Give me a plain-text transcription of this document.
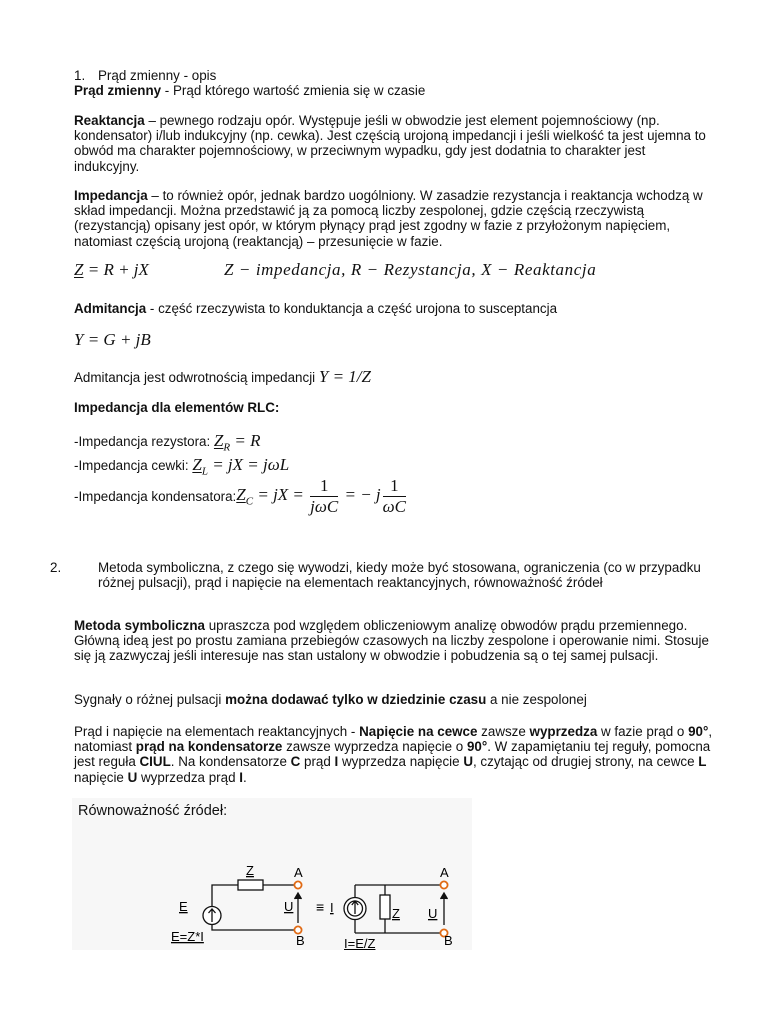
1. Prąd zmienny - opis

Prąd zmienny - Prąd którego wartość zmienia się w czasie

Reaktancja – pewnego rodzaju opór. Występuje jeśli w obwodzie jest element pojemnościowy (np. kondensator) i/lub indukcyjny (np. cewka). Jest częścią urojoną impedancji i jeśli wielkość ta jest ujemna to obwód ma charakter pojemnościowy, w przeciwnym wypadku, gdy jest dodatnia to charakter jest indukcyjny.

Impedancja – to również opór, jednak bardzo uogólniony. W zasadzie rezystancja i reaktancja wchodzą w skład impedancji. Można przedstawić ją za pomocą liczby zespolonej, gdzie częścią rzeczywistą (rezystancją) opisany jest opór, w którym płynący prąd jest zgodny w fazie z przyłożonym napięciem, natomiast częścią urojoną (reaktancją) – przesunięcie w fazie.

Z = R + jX	Z − impedancja, R − Rezystancja, X − Reaktancja

Admitancja - część rzeczywista to konduktancja a część urojona to susceptancja

Y = G + jB

Admitancja jest odwrotnością impedancji Y = 1/Z

Impedancja dla elementów RLC:

-Impedancja rezystora: $Z_R = R$

-Impedancja cewki: $Z_L$ = jX = jωL

-Impedancja $kondensatora:Z_C$ = jX = $\frac{1}{\text{jωC}}$ = − j $\frac{1}{\omega C}$

2.	Metoda symboliczna, z czego się wywodzi, kiedy może być stosowana, ograniczenia (co w przypadku różnej pulsacji), prąd i napięcie na elementach reaktancyjnych, równoważność źródeł

Metoda symboliczna upraszcza pod względem obliczeniowym analizę obwodów prądu przemiennego. Główną ideą jest po prostu zamiana przebiegów czasowych na liczby zespolone i operowanie nimi. Stosuje się ją zazwyczaj jeśli interesuje nas stan ustalony w obwodzie i pobudzenia są o tej samej pulsacji.

Sygnały o różnej pulsacji można dodawać tylko w dziedzinie czasu a nie zespolonej

Prąd i napięcie na elementach reaktancyjnych - Napięcie na cewce zawsze wyprzedza w fazie prąd o 90°, natomiast prąd na kondensatorze zawsze wyprzedza napięcie o 90°. W zapamiętaniu tej reguły, pomocna jest reguła CIUL. Na kondensatorze C prąd I wyprzedza napięcie U, czytając od drugiej strony, na cewce L napięcie U wyprzedza prąd I.

Równoważność źródeł:
Z
E
A
B
U
E=Z*I
≡ I	Z U
A
B
I=E/Z
